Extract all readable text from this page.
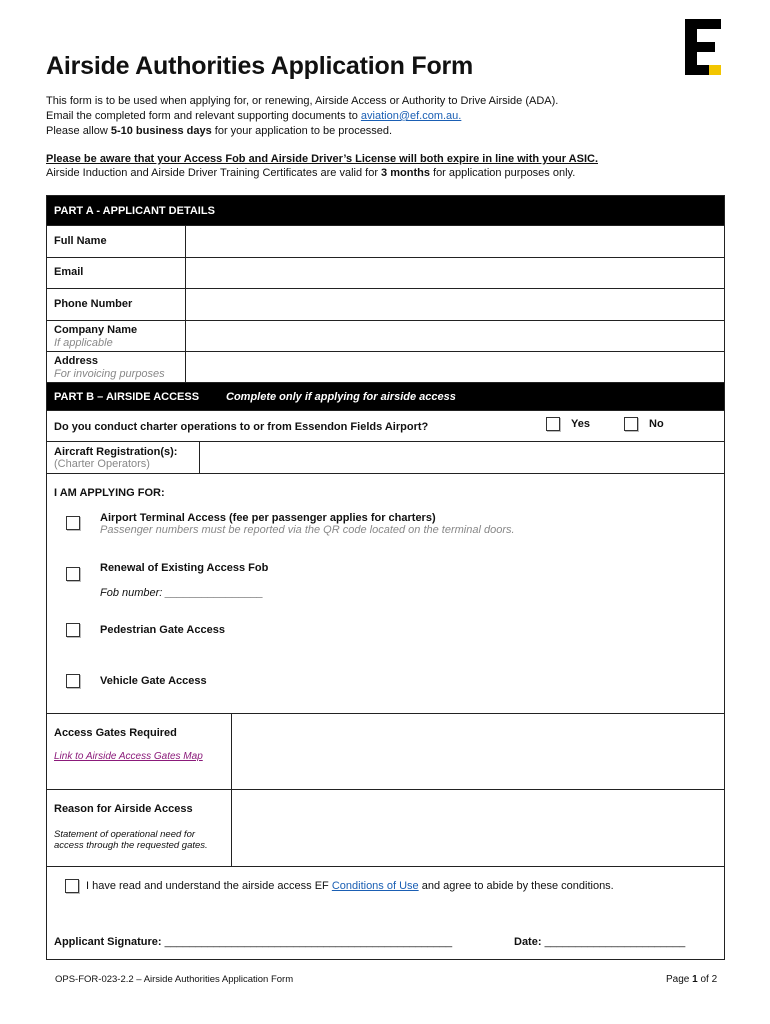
Airside Authorities Application Form
This form is to be used when applying for, or renewing, Airside Access or Authority to Drive Airside (ADA).
Email the completed form and relevant supporting documents to aviation@ef.com.au.
Please allow 5-10 business days for your application to be processed.
Please be aware that your Access Fob and Airside Driver’s License will both expire in line with your ASIC.
Airside Induction and Airside Driver Training Certificates are valid for 3 months for application purposes only.
PART A - APPLICANT DETAILS
Full Name
Email
Phone Number
Company Name
If applicable
Address
For invoicing purposes
PART B – AIRSIDE ACCESS Complete only if applying for airside access
Do you conduct charter operations to or from Essendon Fields Airport?	Yes	No
Aircraft Registration(s):
(Charter Operators)
I AM APPLYING FOR:
Airport Terminal Access (fee per passenger applies for charters)
Passenger numbers must be reported via the QR code located on the terminal doors.
Renewal of Existing Access Fob
Fob number: ________________
Pedestrian Gate Access
Vehicle Gate Access
Access Gates Required
Link to Airside Access Gates Map
Reason for Airside Access
Statement of operational need for
access through the requested gates.
I have read and understand the airside access EF Conditions of Use and agree to abide by these conditions.
Applicant Signature: _______________________________________________	Date: _______________________
OPS-FOR-023-2.2 – Airside Authorities Application Form	Page 1 of 2
